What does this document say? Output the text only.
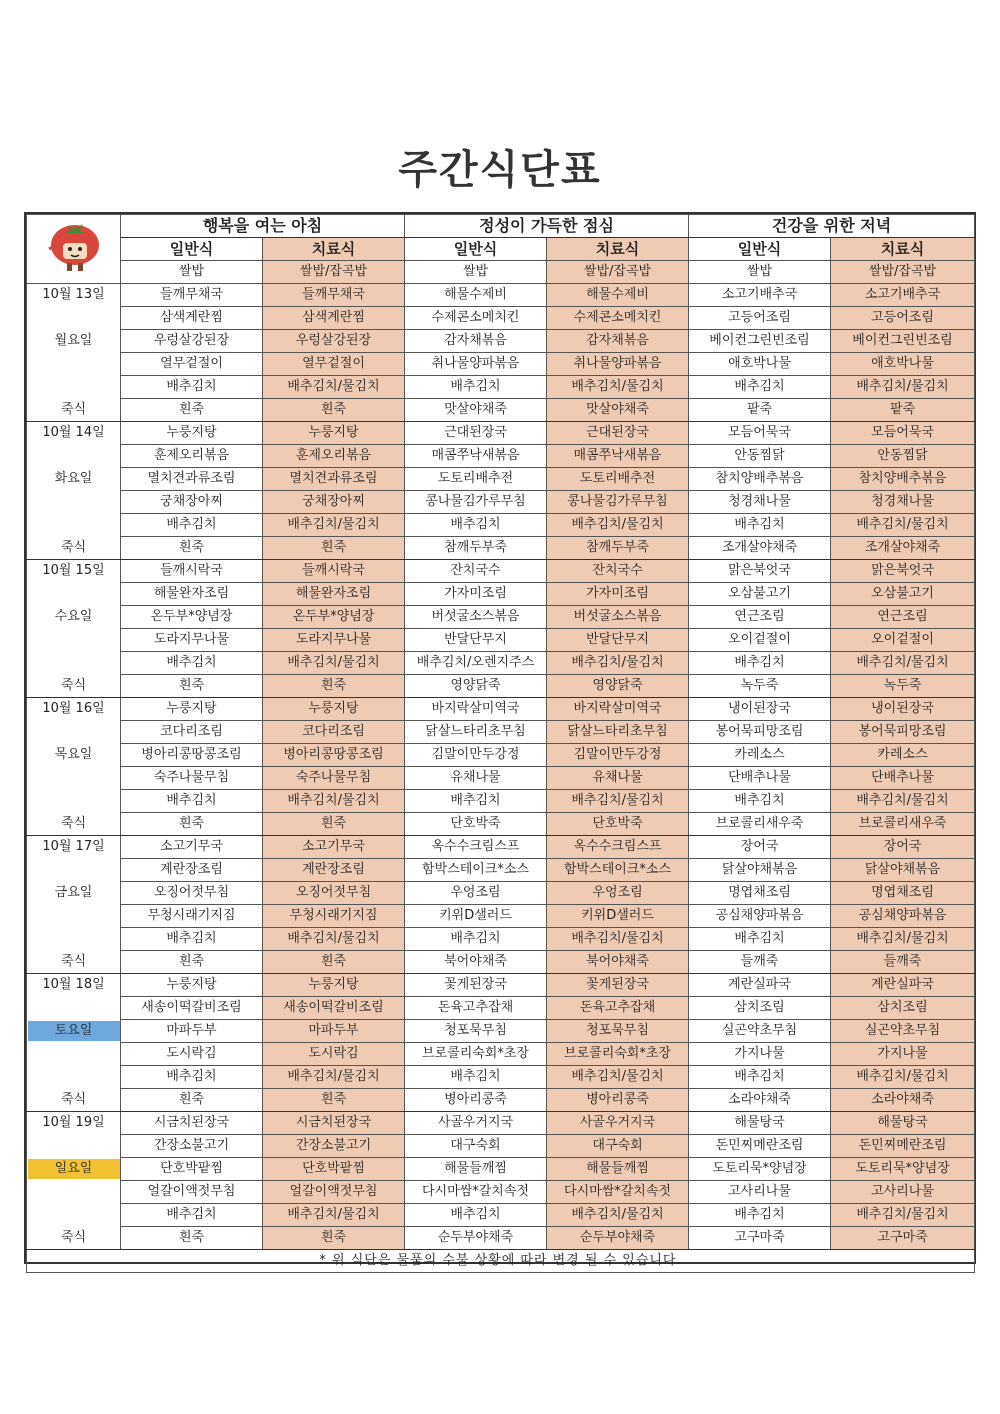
주간식단표
	행복을 여는 아침		정성이 가득한 점심		건강을 위한 저녁	
	일반식	치료식	일반식	치료식	일반식	치료식
	쌀밥	쌀밥/잡곡밥	쌀밥	쌀밥/잡곡밥	쌀밥	쌀밥/잡곡밥
10월 13일	들깨무채국	들깨무채국	해물수제비	해물수제비	소고기배추국	소고기배추국
	삼색계란찜	삼색계란찜	수제콘소메치킨	수제콘소메치킨	고등어조림	고등어조림
월요일	우렁살강된장	우렁살강된장	감자채볶음	감자채볶음	베이컨그린빈조림	베이컨그린빈조림
	열무겉절이	열무겉절이	취나물양파볶음	취나물양파볶음	애호박나물	애호박나물
	배추김치	배추김치/물김치	배추김치	배추김치/물김치	배추김치	배추김치/물김치
죽식	흰죽	흰죽	맛살야채죽	맛살야채죽	팥죽	팥죽
10월 14일	누룽지탕	누룽지탕	근대된장국	근대된장국	모듬어묵국	모듬어묵국
	훈제오리볶음	훈제오리볶음	매콤쭈낙새볶음	매콤쭈낙새볶음	안동찜닭	안동찜닭
화요일	멸치견과류조림	멸치견과류조림	도토리배추전	도토리배추전	참치양배추볶음	참치양배추볶음
	궁채장아찌	궁채장아찌	콩나물김가루무침	콩나물김가루무침	청경채나물	청경채나물
	배추김치	배추김치/물김치	배추김치	배추김치/물김치	배추김치	배추김치/물김치
죽식	흰죽	흰죽	참깨두부죽	참깨두부죽	조개살야채죽	조개살야채죽
10월 15일	들깨시락국	들깨시락국	잔치국수	잔치국수	맑은북엇국	맑은북엇국
	해물완자조림	해물완자조림	가자미조림	가자미조림	오삼불고기	오삼불고기
수요일	온두부*양념장	온두부*양념장	버섯굴소스볶음	버섯굴소스볶음	연근조림	연근조림
	도라지무나물	도라지무나물	반달단무지	반달단무지	오이겉절이	오이겉절이
	배추김치	배추김치/물김치	배추김치/오렌지주스	배추김치/물김치	배추김치	배추김치/물김치
죽식	흰죽	흰죽	영양닭죽	영양닭죽	녹두죽	녹두죽
10월 16일	누룽지탕	누룽지탕	바지락살미역국	바지락살미역국	냉이된장국	냉이된장국
	코다리조림	코다리조림	닭살느타리초무침	닭살느타리초무침	봉어묵피망조림	봉어묵피망조림
목요일	병아리콩땅콩조림	병아리콩땅콩조림	김말이만두강정	김말이만두강정	카레소스	카레소스
	숙주나물무침	숙주나물무침	유채나물	유채나물	단배추나물	단배추나물
	배추김치	배추김치/물김치	배추김치	배추김치/물김치	배추김치	배추김치/물김치
죽식	흰죽	흰죽	단호박죽	단호박죽	브로콜리새우죽	브로콜리새우죽
10월 17일	소고기무국	소고기무국	옥수수크림스프	옥수수크림스프	장어국	장어국
	계란장조림	계란장조림	함박스테이크*소스	함박스테이크*소스	닭살야채볶음	닭살야채볶음
금요일	오징어젓무침	오징어젓무침	우엉조림	우엉조림	명엽채조림	명엽채조림
	무청시래기지짐	무청시래기지짐	키위D샐러드	키위D샐러드	공심채양파볶음	공심채양파볶음
	배추김치	배추김치/물김치	배추김치	배추김치/물김치	배추김치	배추김치/물김치
죽식	흰죽	흰죽	북어야채죽	북어야채죽	들깨죽	들깨죽
10월 18일	누룽지탕	누룽지탕	꽃게된장국	꽃게된장국	계란실파국	계란실파국
	새송이떡갈비조림	새송이떡갈비조림	돈육고추잡채	돈육고추잡채	삼치조림	삼치조림
토요일	마파두부	마파두부	청포묵무침	청포묵무침	실곤약초무침	실곤약초무침
	도시락김	도시락김	브로콜리숙회*초장	브로콜리숙회*초장	가지나물	가지나물
	배추김치	배추김치/물김치	배추김치	배추김치/물김치	배추김치	배추김치/물김치
죽식	흰죽	흰죽	병아리콩죽	병아리콩죽	소라야채죽	소라야채죽
10월 19일	시금치된장국	시금치된장국	사골우거지국	사골우거지국	해물탕국	해물탕국
	간장소불고기	간장소불고기	대구숙회	대구숙회	돈민찌메란조림	돈민찌메란조림
일요일	단호박팥찜	단호박팥찜	해물들깨찜	해물들깨찜	도토리묵*양념장	도토리묵*양념장
	얼갈이액젓무침	얼갈이액젓무침	다시마쌈*갈치속젓	다시마쌈*갈치속젓	고사리나물	고사리나물
	배추김치	배추김치/물김치	배추김치	배추김치/물김치	배추김치	배추김치/물김치
죽식	흰죽	흰죽	순두부야채죽	순두부야채죽	고구마죽	고구마죽
* 위 식단은 물품의 수불 상황에 따라 변경 될 수 있습니다.						
